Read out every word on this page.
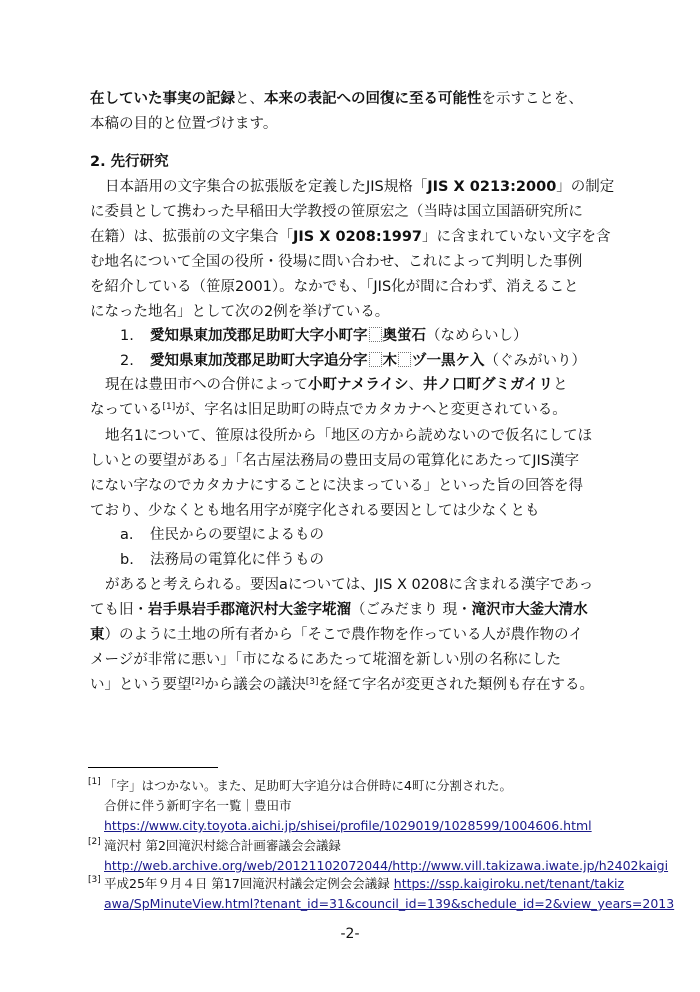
在していた事実の記録と、本来の表記への回復に至る可能性を示すことを、
本稿の目的と位置づけます。
2. 先行研究
日本語用の文字集合の拡張版を定義したJIS規格「JIS X 0213:2000」の制定
に委員として携わった早稲田大学教授の笹原宏之（当時は国立国語研究所に
在籍）は、拡張前の文字集合「JIS X 0208:1997」に含まれていない文字を含
む地名について全国の役所・役場に問い合わせ、これによって判明した事例
を紹介している（笹原2001）。なかでも、「JIS化が間に合わず、消えること
になった地名」として次の2例を挙げている。
1. 愛知県東加茂郡足助町大字小町字 奥蛍石（なめらいし）
2. 愛知県東加茂郡足助町大字追分字 木 ヅ一黒ケ入（ぐみがいり）
現在は豊田市への合併によって小町ナメライシ、井ノ口町グミガイリと
なっている[1]が、字名は旧足助町の時点でカタカナへと変更されている。
地名1について、笹原は役所から「地区の方から読めないので仮名にしてほ
しいとの要望がある」「名古屋法務局の豊田支局の電算化にあたってJIS漢字
にない字なのでカタカナにすることに決まっている」といった旨の回答を得
ており、少なくとも地名用字が廃字化される要因としては少なくとも
a. 住民からの要望によるもの
b. 法務局の電算化に伴うもの
があると考えられる。要因aについては、JIS X 0208に含まれる漢字であっ
ても旧・岩手県岩手郡滝沢村大釜字埖溜（ごみだまり 現・滝沢市大釜大清水
東）のように土地の所有者から「そこで農作物を作っている人が農作物のイ
メージが非常に悪い」「市になるにあたって埖溜を新しい別の名称にした
い」という要望[2]から議会の議決[3]を経て字名が変更された類例も存在する。
[1] 「字」はつかない。また、足助町大字追分は合併時に4町に分割された。
合併に伴う新町字名一覧｜豊田市
https://www.city.toyota.aichi.jp/shisei/profile/1029019/1028599/1004606.html
[2] 滝沢村 第2回滝沢村総合計画審議会会議録
http://web.archive.org/web/20121102072044/http://www.vill.takizawa.iwate.jp/h2402kaigi
[3] 平成25年９月４日 第17回滝沢村議会定例会会議録 https://ssp.kaigiroku.net/tenant/takiz
awa/SpMinuteView.html?tenant_id=31&council_id=139&schedule_id=2&view_years=2013
-2-
